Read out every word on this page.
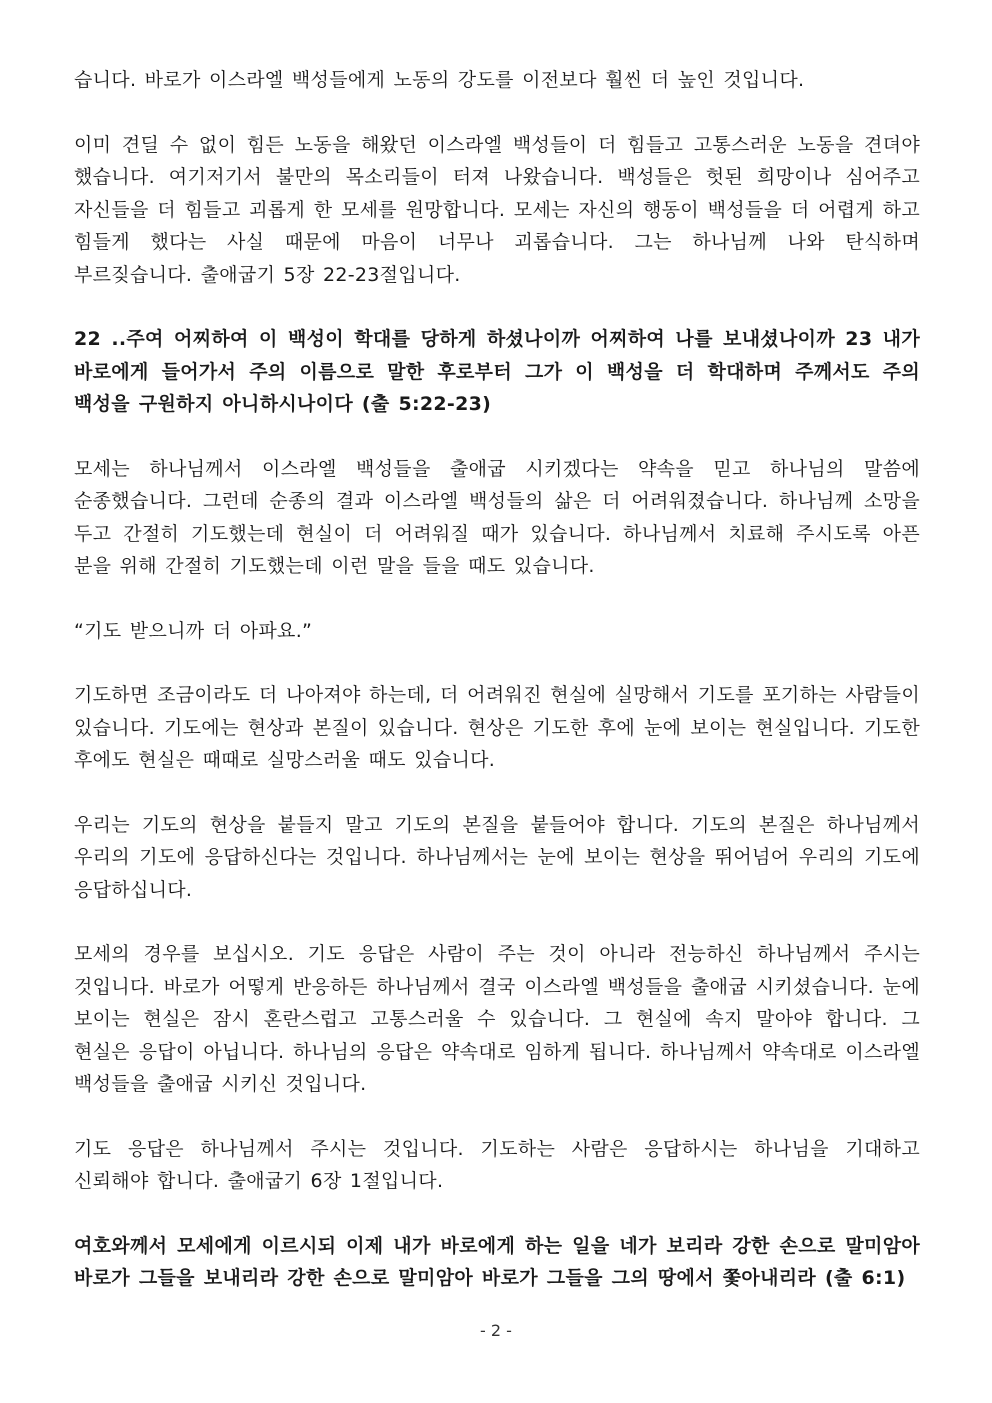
습니다. 바로가 이스라엘 백성들에게 노동의 강도를 이전보다 훨씬 더 높인 것입니다.

이미 견딜 수 없이 힘든 노동을 해왔던 이스라엘 백성들이 더 힘들고 고통스러운 노동을 견뎌야 했습니다. 여기저기서 불만의 목소리들이 터져 나왔습니다. 백성들은 헛된 희망이나 심어주고 자신들을 더 힘들고 괴롭게 한 모세를 원망합니다. 모세는 자신의 행동이 백성들을 더 어렵게 하고 힘들게 했다는 사실 때문에 마음이 너무나 괴롭습니다. 그는 하나님께 나와 탄식하며 부르짖습니다. 출애굽기 5장 22-23절입니다.

22 ..주여 어찌하여 이 백성이 학대를 당하게 하셨나이까 어찌하여 나를 보내셨나이까 23 내가 바로에게 들어가서 주의 이름으로 말한 후로부터 그가 이 백성을 더 학대하며 주께서도 주의 백성을 구원하지 아니하시나이다 (출 5:22-23)

모세는 하나님께서 이스라엘 백성들을 출애굽 시키겠다는 약속을 믿고 하나님의 말씀에 순종했습니다. 그런데 순종의 결과 이스라엘 백성들의 삶은 더 어려워졌습니다. 하나님께 소망을 두고 간절히 기도했는데 현실이 더 어려워질 때가 있습니다. 하나님께서 치료해 주시도록 아픈 분을 위해 간절히 기도했는데 이런 말을 들을 때도 있습니다.

“기도 받으니까 더 아파요.”

기도하면 조금이라도 더 나아져야 하는데, 더 어려워진 현실에 실망해서 기도를 포기하는 사람들이 있습니다. 기도에는 현상과 본질이 있습니다. 현상은 기도한 후에 눈에 보이는 현실입니다. 기도한 후에도 현실은 때때로 실망스러울 때도 있습니다.

우리는 기도의 현상을 붙들지 말고 기도의 본질을 붙들어야 합니다. 기도의 본질은 하나님께서 우리의 기도에 응답하신다는 것입니다. 하나님께서는 눈에 보이는 현상을 뛰어넘어 우리의 기도에 응답하십니다.

모세의 경우를 보십시오. 기도 응답은 사람이 주는 것이 아니라 전능하신 하나님께서 주시는 것입니다. 바로가 어떻게 반응하든 하나님께서 결국 이스라엘 백성들을 출애굽 시키셨습니다. 눈에 보이는 현실은 잠시 혼란스럽고 고통스러울 수 있습니다. 그 현실에 속지 말아야 합니다. 그 현실은 응답이 아닙니다. 하나님의 응답은 약속대로 임하게 됩니다. 하나님께서 약속대로 이스라엘 백성들을 출애굽 시키신 것입니다.

기도 응답은 하나님께서 주시는 것입니다. 기도하는 사람은 응답하시는 하나님을 기대하고 신뢰해야 합니다. 출애굽기 6장 1절입니다.

여호와께서 모세에게 이르시되 이제 내가 바로에게 하는 일을 네가 보리라 강한 손으로 말미암아 바로가 그들을 보내리라 강한 손으로 말미암아 바로가 그들을 그의 땅에서 쫓아내리라 (출 6:1)

- 2 -
